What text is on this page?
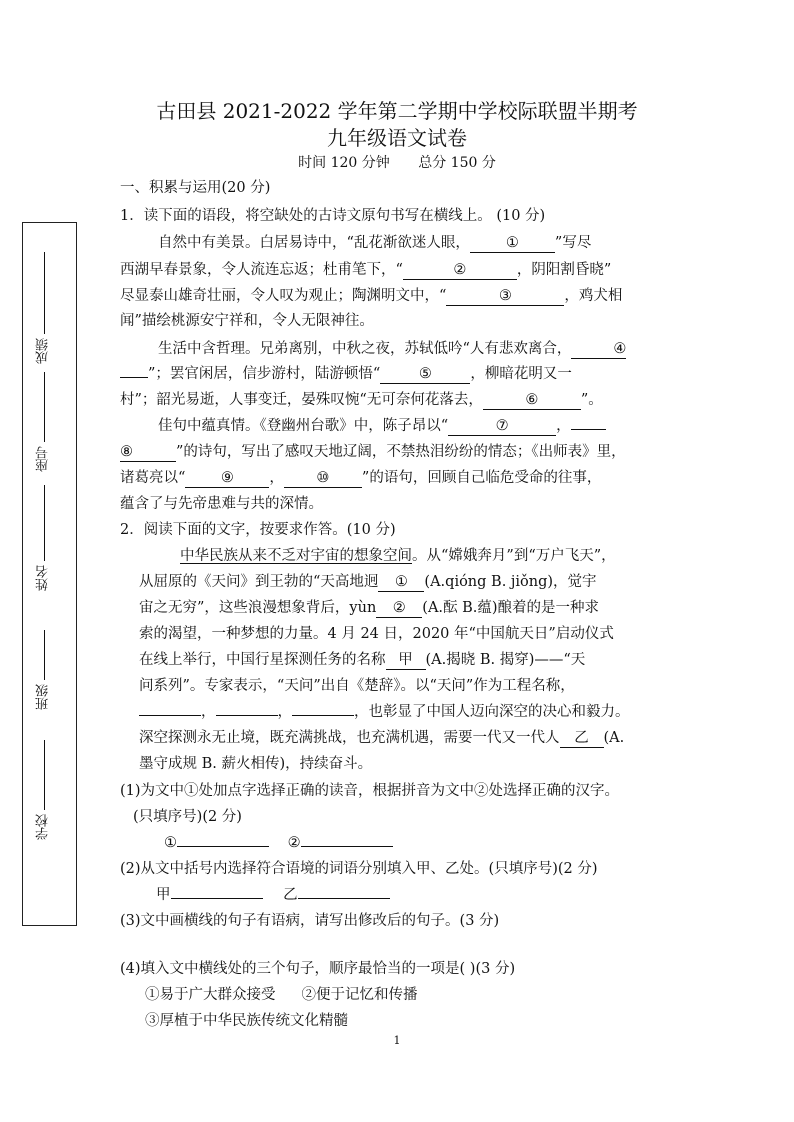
古田县 2021-2022 学年第二学期中学校际联盟半期考
九年级语文试卷
时间 120 分钟 总分 150 分
成绩
座号
姓名
班级
学校
一、积累与运用(20 分)
1．读下面的语段，将空缺处的古诗文原句书写在横线上。 (10 分)
自然中有美景。白居易诗中，“乱花渐欲迷人眼， ① ”写尽
西湖早春景象，令人流连忘返；杜甫笔下，“	②	，阴阳割昏晓”
尽显泰山雄奇壮丽，令人叹为观止；陶渊明文中，“	③	，鸡犬相
闻”描绘桃源安宁祥和，令人无限神往。
生活中含哲理。兄弟离别，中秋之夜，苏轼低吟“人有悲欢离合，	④
”；罢官闲居，信步游村，陆游顿悟“	⑤	，柳暗花明又一
村”；韶光易逝，人事变迁，晏殊叹惋“无可奈何花落去，	⑥	”。
佳句中蕴真情。《登幽州台歌》中，陈子昂以“	⑦	，
⑧	”的诗句，写出了感叹天地辽阔，不禁热泪纷纷的情态；《出师表》里，
诸葛亮以“ ⑨ ， ⑩ ”的语句，回顾自己临危受命的往事，
蕴含了与先帝患难与共的深情。
2．阅读下面的文字，按要求作答。(10 分)
中华民族从来不乏对宇宙的想象空间。从“嫦娥奔月”到“万户飞天”，
从屈原的《天问》到王勃的“天高地迥 ① (A.qióng B. jiǒng)，觉宇
宙之无穷”，这些浪漫想象背后，yùn ② (A.酝 B.蕴)酿着的是一种求
索的渴望，一种梦想的力量。4 月 24 日，2020 年“中国航天日”启动仪式
在线上举行，中国行星探测任务的名称 甲 (A.揭晓 B. 揭穿)——“天
问系列”。专家表示，“天问”出自《楚辞》。以“天问”作为工程名称，
，	，	，也彰显了中国人迈向深空的决心和毅力。
深空探测永无止境，既充满挑战，也充满机遇，需要一代又一代人 乙 (A.
墨守成规 B. 薪火相传)，持续奋斗。
(1)为文中①处加点字选择正确的读音，根据拼音为文中②处选择正确的汉字。
(只填序号)(2 分)
①	②
(2)从文中括号内选择符合语境的词语分别填入甲、乙处。(只填序号)(2 分)
甲	乙
(3)文中画横线的句子有语病，请写出修改后的句子。(3 分)
(4)填入文中横线处的三个句子，顺序最恰当的一项是( )(3 分)
①易于广大群众接受 ②便于记忆和传播
③厚植于中华民族传统文化精髓
1
